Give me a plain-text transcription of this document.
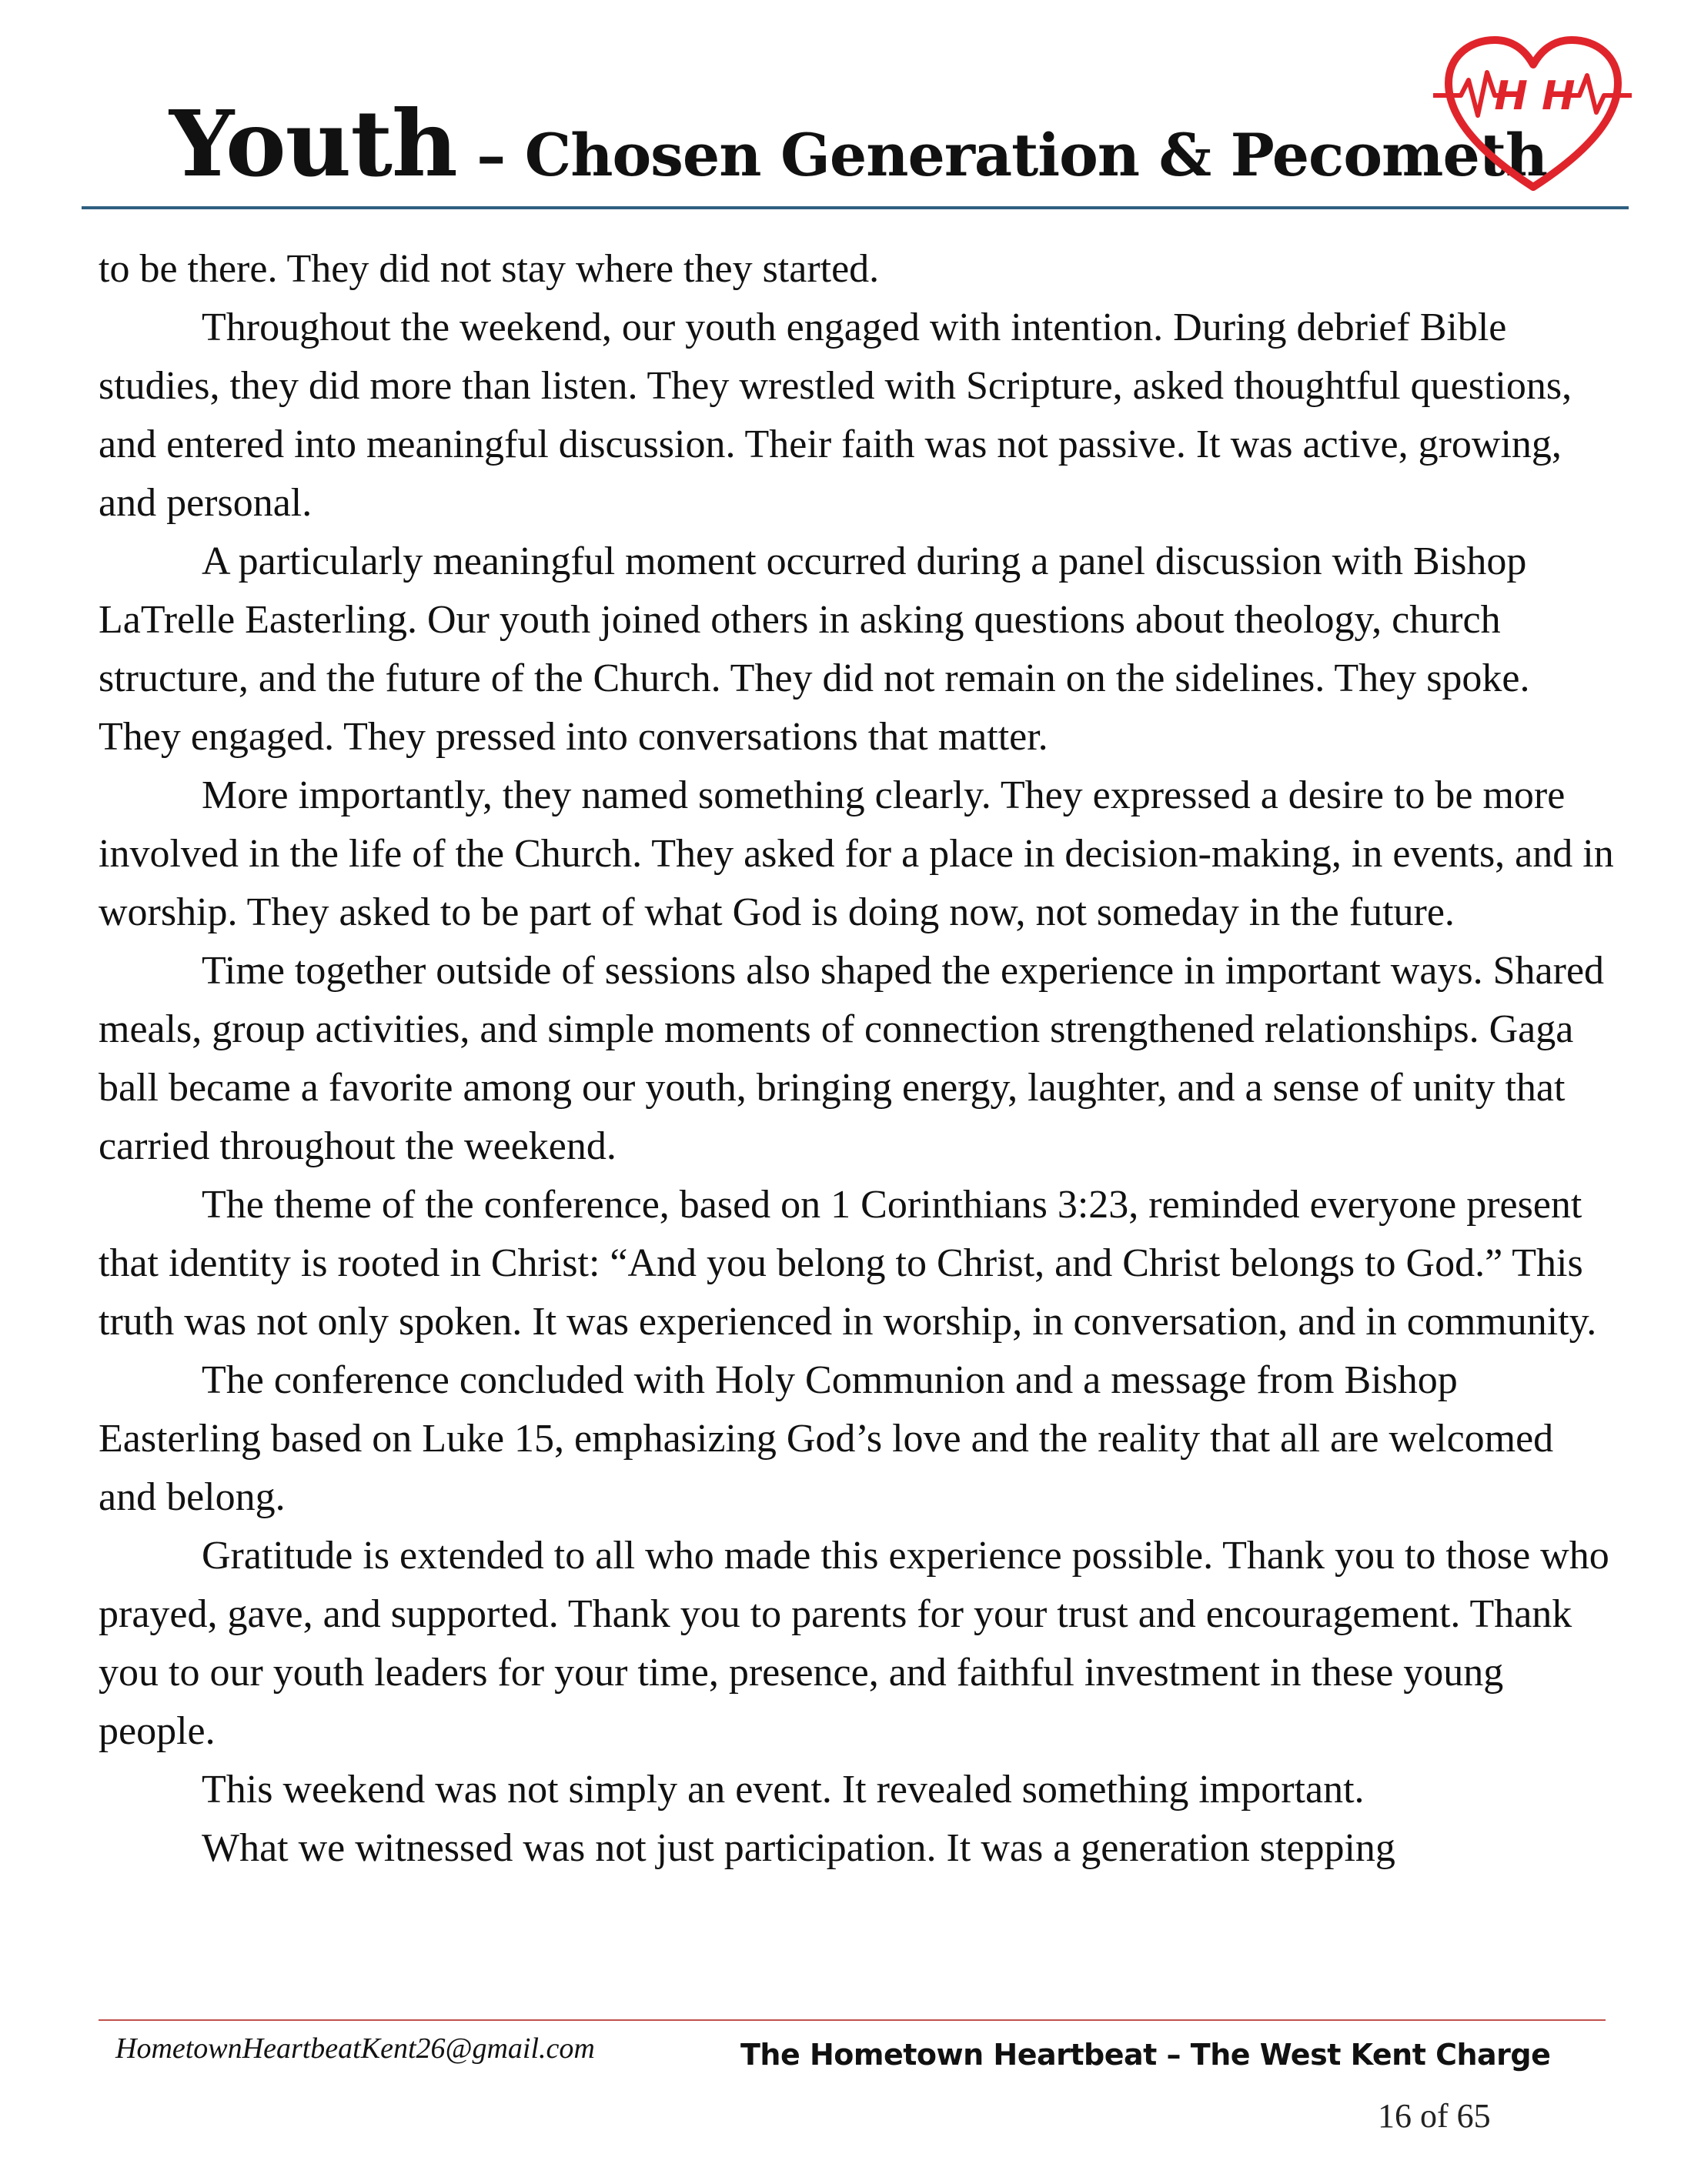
Youth – Chosen Generation & Pecometh
H H

to be there. They did not stay where they started.

Throughout the weekend, our youth engaged with intention. During debrief Bible studies, they did more than listen. They wrestled with Scripture, asked thoughtful questions, and entered into meaningful discussion. Their faith was not passive. It was active, growing, and personal.

A particularly meaningful moment occurred during a panel discussion with Bishop LaTrelle Easterling. Our youth joined others in asking questions about theology, church structure, and the future of the Church. They did not remain on the sidelines. They spoke. They engaged. They pressed into conversations that matter.

More importantly, they named something clearly. They expressed a desire to be more involved in the life of the Church. They asked for a place in decision-making, in events, and in worship. They asked to be part of what God is doing now, not someday in the future.

Time together outside of sessions also shaped the experience in important ways. Shared meals, group activities, and simple moments of connection strengthened relationships. Gaga ball became a favorite among our youth, bringing energy, laughter, and a sense of unity that carried throughout the weekend.

The theme of the conference, based on 1 Corinthians 3:23, reminded everyone present that identity is rooted in Christ: “And you belong to Christ, and Christ belongs to God.” This truth was not only spoken. It was experienced in worship, in conversation, and in community.

The conference concluded with Holy Communion and a message from Bishop Easterling based on Luke 15, emphasizing God’s love and the reality that all are welcomed and belong.

Gratitude is extended to all who made this experience possible. Thank you to those who prayed, gave, and supported. Thank you to parents for your trust and encouragement. Thank you to our youth leaders for your time, presence, and faithful investment in these young people.

This weekend was not simply an event. It revealed something important.

What we witnessed was not just participation. It was a generation stepping

HometownHeartbeatKent26@gmail.com	The Hometown Heartbeat – The West Kent Charge
16 of 65
